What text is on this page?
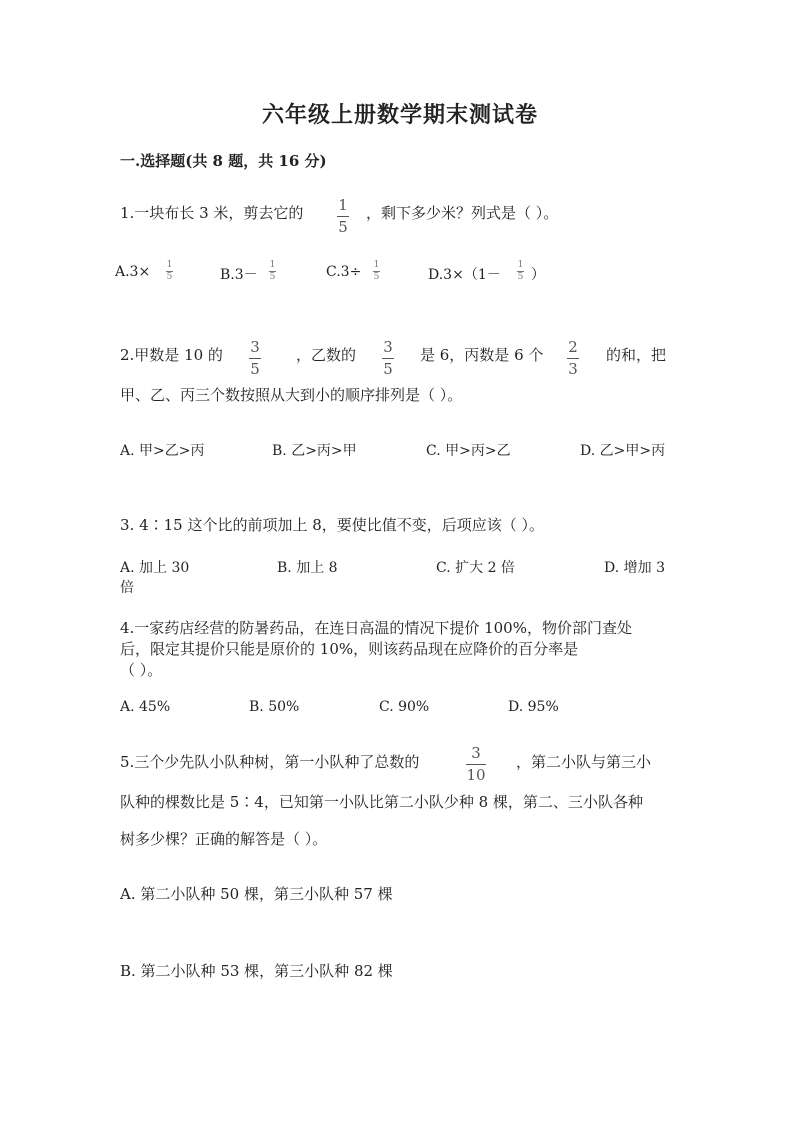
六年级上册数学期末测试卷
一.选择题(共 8 题，共 16 分)
1.一块布长 3 米，剪去它的 1
5
，剩下多少米？列式是（ ）。
A.3× 1
5	B.3－
1
5	C.3÷ 1
5	D.3×（1－
1
5 ）
2.甲数是 10 的 3
5
，乙数的 3
5
是 6，丙数是 6 个 2
3
的和，把
甲、乙、丙三个数按照从大到小的顺序排列是（ ）。
A. 甲>乙>丙	B. 乙>丙>甲	C. 甲>丙>乙	D. 乙>甲>丙
3. 4∶15 这个比的前项加上 8，要使比值不变，后项应该（ ）。
A. 加上 30	B. 加上 8	C. 扩大 2 倍	D. 增加 3
倍
4.一家药店经营的防暑药品，在连日高温的情况下提价 100%，物价部门查处
后，限定其提价只能是原价的 10%，则该药品现在应降价的百分率是
（ ）。
A. 45%	B. 50%	C. 90%	D. 95%
5.三个少先队小队种树，第一小队种了总数的	3
10
，第二小队与第三小
队种的棵数比是 5∶4，已知第一小队比第二小队少种 8 棵，第二、三小队各种
树多少棵？正确的解答是（ ）。
A. 第二小队种 50 棵，第三小队种 57 棵
B. 第二小队种 53 棵，第三小队种 82 棵
